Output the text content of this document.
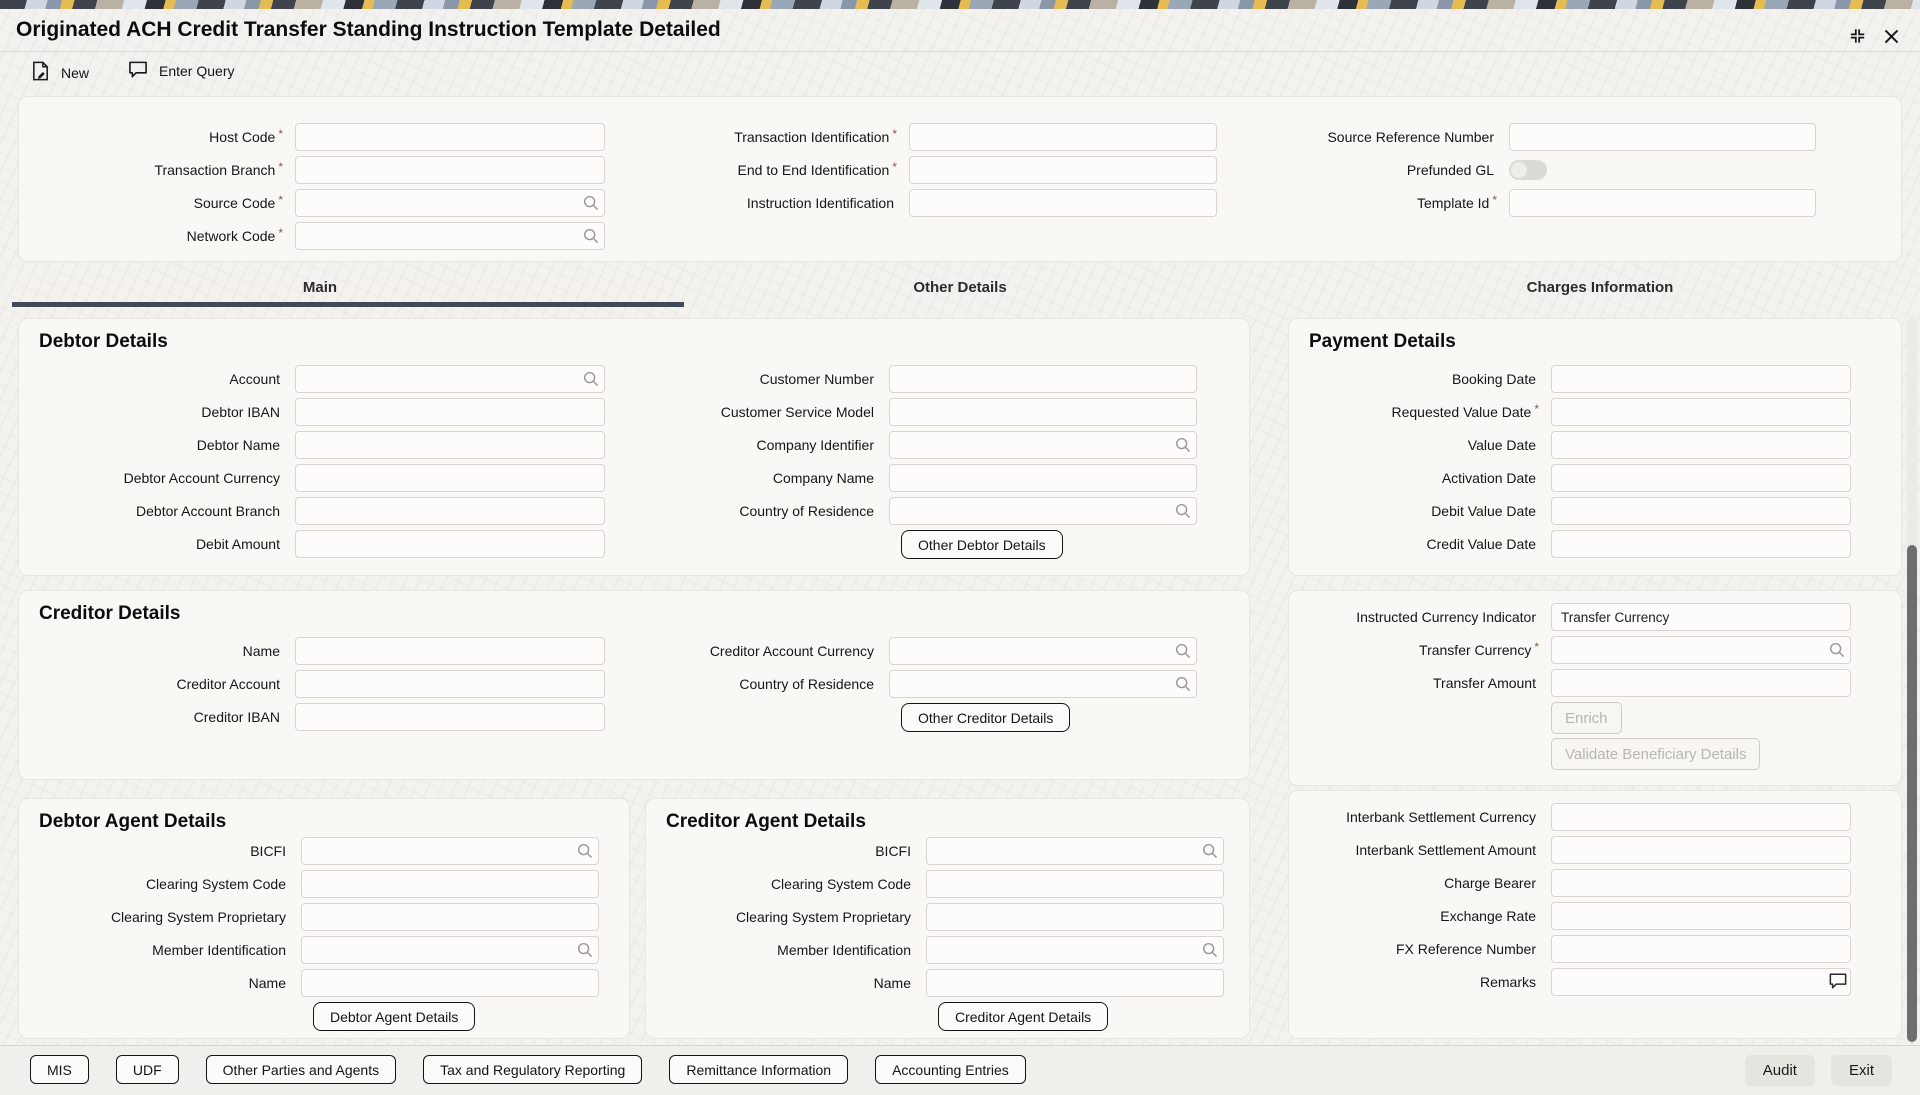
Originated ACH Credit Transfer Standing Instruction Template Detailed
New	Enter Query
Host Code *
Transaction Branch *
Source Code *
Network Code *
Transaction Identification *
End to End Identification *
Instruction Identification
Source Reference Number
Prefunded GL
Template Id *
Main	Other Details	Charges Information
Debtor Details
Account
Debtor IBAN
Debtor Name
Debtor Account Currency
Debtor Account Branch
Debit Amount
Customer Number
Customer Service Model
Company Identifier
Company Name
Country of Residence
Other Debtor Details
Payment Details
Booking Date
Requested Value Date *
Value Date
Activation Date
Debit Value Date
Credit Value Date
Creditor Details
Name
Creditor Account
Creditor IBAN
Creditor Account Currency
Country of Residence
Other Creditor Details
Instructed Currency Indicator
Transfer Currency
Transfer Currency *
Transfer Amount
Enrich
Validate Beneficiary Details
Debtor Agent Details
BICFI
Clearing System Code
Clearing System Proprietary
Member Identification
Name
Debtor Agent Details
Creditor Agent Details
BICFI
Clearing System Code
Clearing System Proprietary
Member Identification
Name
Creditor Agent Details
Interbank Settlement Currency
Interbank Settlement Amount
Charge Bearer
Exchange Rate
FX Reference Number
Remarks
MIS	UDF	Other Parties and Agents	Tax and Regulatory Reporting	Remittance Information	Accounting Entries	Audit	Exit
